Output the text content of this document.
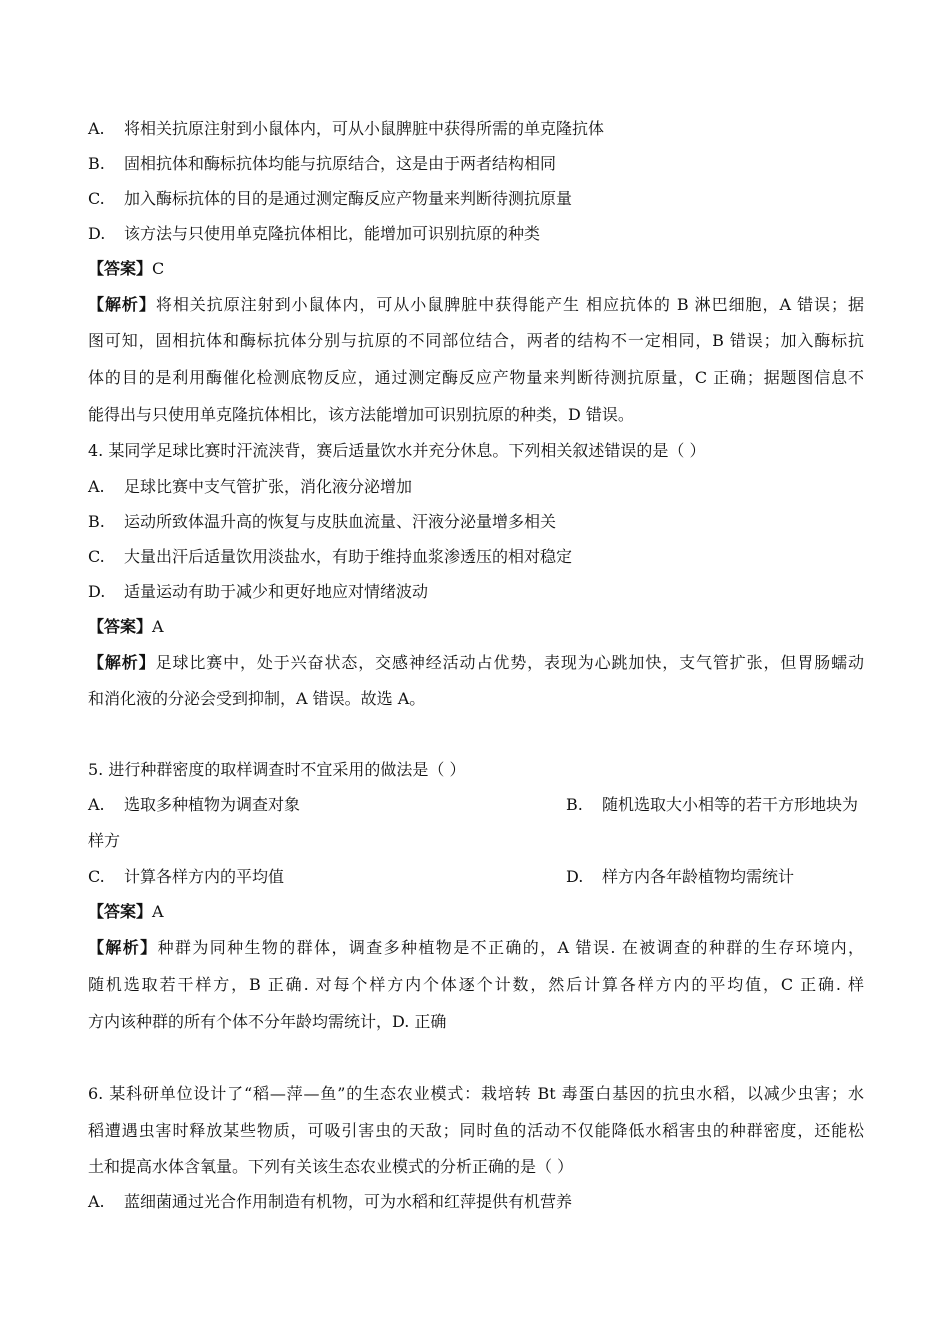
A. 将相关抗原注射到小鼠体内，可从小鼠脾脏中获得所需的单克隆抗体
B. 固相抗体和酶标抗体均能与抗原结合，这是由于两者结构相同
C. 加入酶标抗体的目的是通过测定酶反应产物量来判断待测抗原量
D. 该方法与只使用单克隆抗体相比，能增加可识别抗原的种类
【答案】C
【解析】将相关抗原注射到小鼠体内，可从小鼠脾脏中获得能产生 相应抗体的 B 淋巴细胞，A 错误；据
图可知，固相抗体和酶标抗体分别与抗原的不同部位结合，两者的结构不一定相同，B 错误；加入酶标抗
体的目的是利用酶催化检测底物反应，通过测定酶反应产物量来判断待测抗原量，C 正确；据题图信息不
能得出与只使用单克隆抗体相比，该方法能增加可识别抗原的种类，D 错误。
4. 某同学足球比赛时汗流浃背，赛后适量饮水并充分休息。下列相关叙述错误的是（ ）
A. 足球比赛中支气管扩张，消化液分泌增加
B. 运动所致体温升高的恢复与皮肤血流量、汗液分泌量增多相关
C. 大量出汗后适量饮用淡盐水，有助于维持血浆渗透压的相对稳定
D. 适量运动有助于减少和更好地应对情绪波动
【答案】A
【解析】足球比赛中，处于兴奋状态，交感神经活动占优势，表现为心跳加快，支气管扩张，但胃肠蠕动
和消化液的分泌会受到抑制，A 错误。故选 A。
5. 进行种群密度的取样调查时不宜采用的做法是（ ）
A. 选取多种植物为调查对象	B. 随机选取大小相等的若干方形地块为
样方
C. 计算各样方内的平均值	D. 样方内各年龄植物均需统计
【答案】A
【解析】种群为同种生物的群体，调查多种植物是不正确的，A 错误. 在被调查的种群的生存环境内，
随机选取若干样方，B 正确. 对每个样方内个体逐个计数，然后计算各样方内的平均值，C 正确. 样
方内该种群的所有个体不分年龄均需统计，D. 正确
6. 某科研单位设计了“稻—萍—鱼”的生态农业模式：栽培转 Bt 毒蛋白基因的抗虫水稻，以减少虫害；水
稻遭遇虫害时释放某些物质，可吸引害虫的天敌；同时鱼的活动不仅能降低水稻害虫的种群密度，还能松
土和提高水体含氧量。下列有关该生态农业模式的分析正确的是（ ）
A. 蓝细菌通过光合作用制造有机物，可为水稻和红萍提供有机营养
